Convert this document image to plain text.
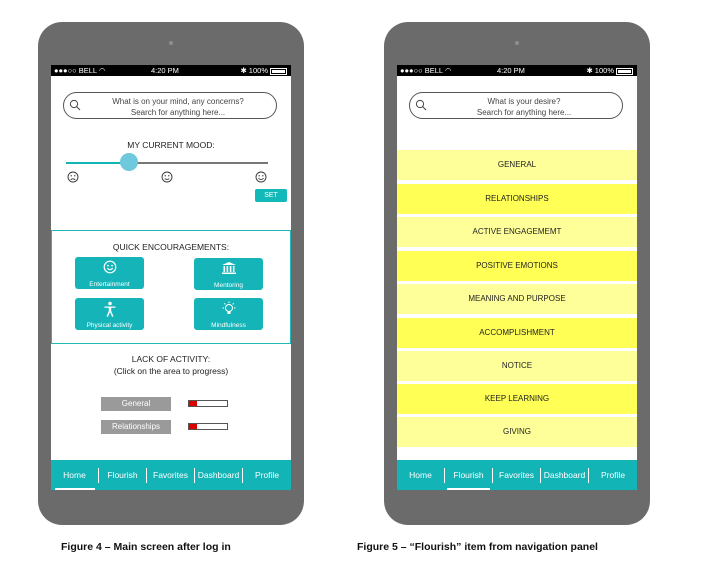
●●●○○ BELL ◠	4:20 PM	✱ 100%
What is on your mind, any concerns?
Search for anything here...
MY CURRENT MOOD:
SET
QUICK ENCOURAGEMENTS:
Entertainment	Mentoring
Physical activity	Mindfulness
LACK OF ACTIVITY:
(Click on the area to progress)
General
Relationships
Home	Flourish	Favorites	Dashboard	Profile
●●●○○ BELL ◠	4:20 PM	✱ 100%
What is your desire?
Search for anything here...
GENERAL
RELATIONSHIPS
ACTIVE ENGAGEMEMT
POSITIVE EMOTIONS
MEANING AND PURPOSE
ACCOMPLISHMENT
NOTICE
KEEP LEARNING
GIVING
Home	Flourish	Favorites	Dashboard	Profile
Figure 4 – Main screen after log in	Figure 5 – “Flourish” item from navigation panel
